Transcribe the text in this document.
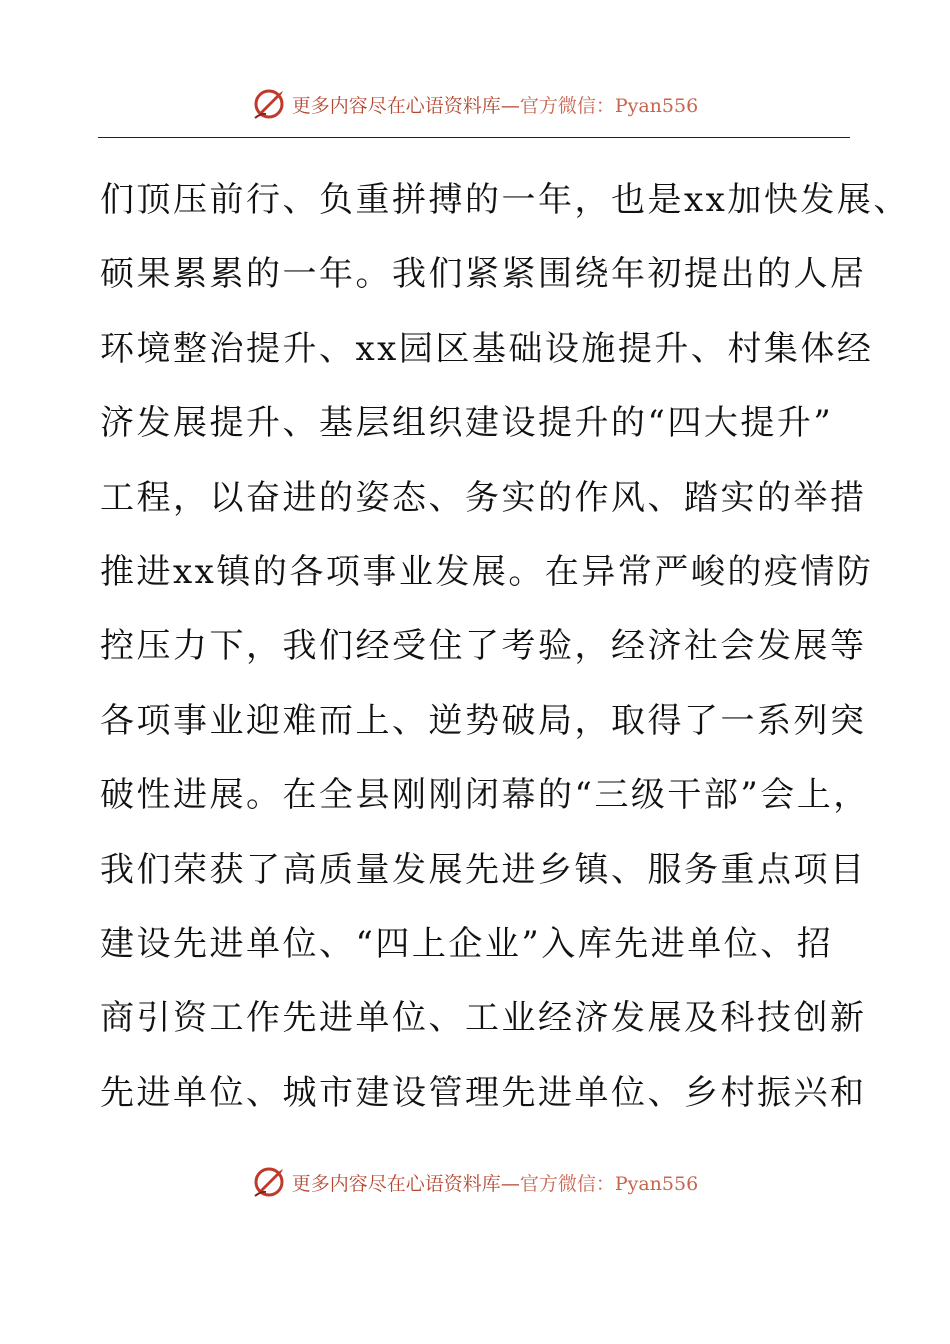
更多内容尽在心语资料库—官方微信：Pyan556
们顶压前行、负重拼搏的一年，也是xx加快发展、
硕果累累的一年。我们紧紧围绕年初提出的人居
环境整治提升、xx园区基础设施提升、村集体经
济发展提升、基层组织建设提升的“四大提升”
工程，以奋进的姿态、务实的作风、踏实的举措
推进xx镇的各项事业发展。在异常严峻的疫情防
控压力下，我们经受住了考验，经济社会发展等
各项事业迎难而上、逆势破局，取得了一系列突
破性进展。在全县刚刚闭幕的“三级干部”会上，
我们荣获了高质量发展先进乡镇、服务重点项目
建设先进单位、“四上企业”入库先进单位、招
商引资工作先进单位、工业经济发展及科技创新
先进单位、城市建设管理先进单位、乡村振兴和
更多内容尽在心语资料库—官方微信：Pyan556
